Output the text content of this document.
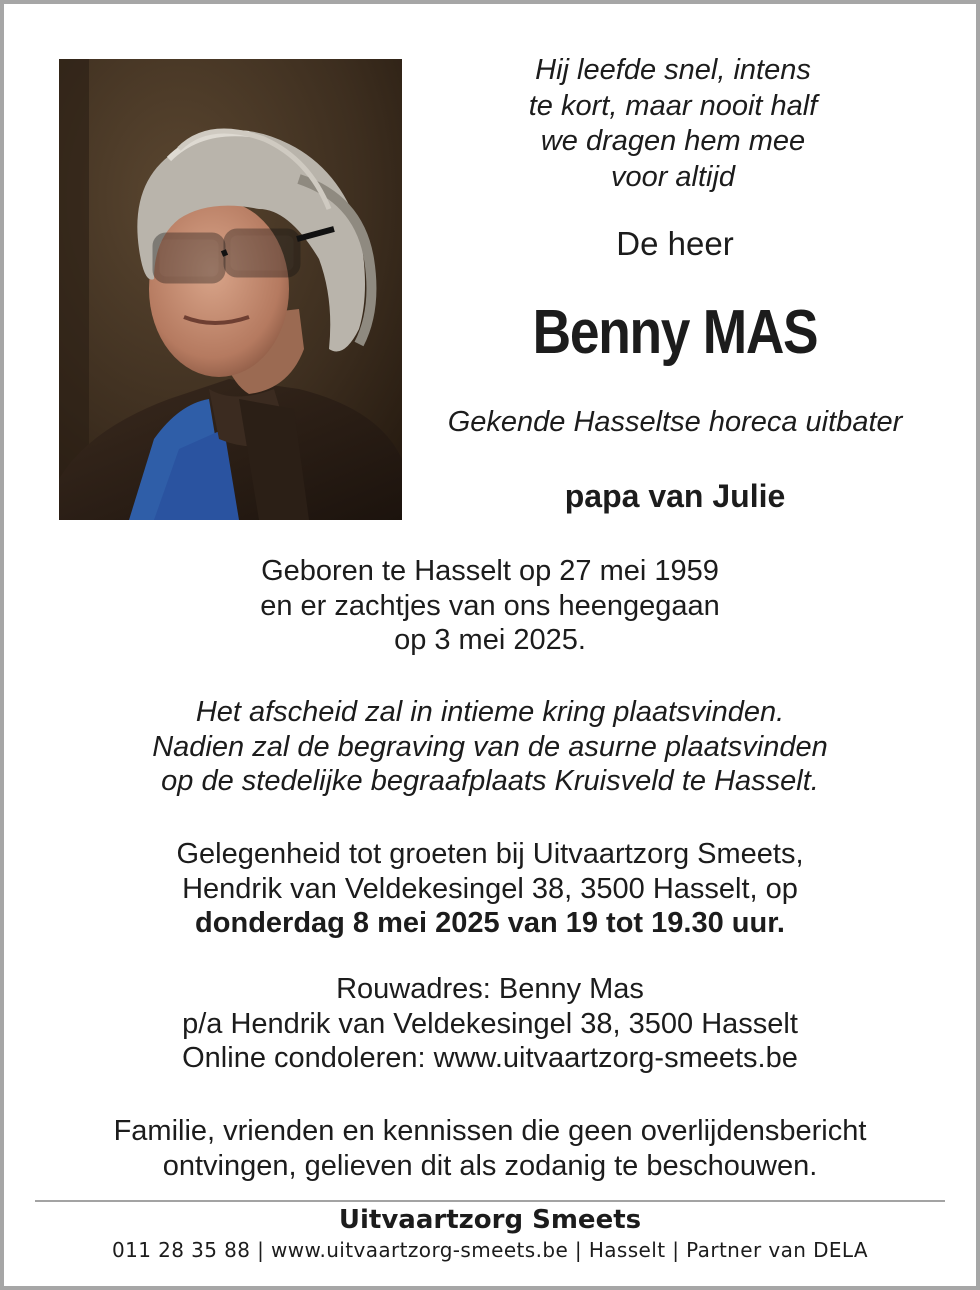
Hij leefde snel, intens
te kort, maar nooit half
we dragen hem mee
voor altijd
De heer
Benny MAS
Gekende Hasseltse horeca uitbater
papa van Julie
Geboren te Hasselt op 27 mei 1959
en er zachtjes van ons heengegaan
op 3 mei 2025.
Het afscheid zal in intieme kring plaatsvinden.
Nadien zal de begraving van de asurne plaatsvinden
op de stedelijke begraafplaats Kruisveld te Hasselt.
Gelegenheid tot groeten bij Uitvaartzorg Smeets,
Hendrik van Veldekesingel 38, 3500 Hasselt, op
donderdag 8 mei 2025 van 19 tot 19.30 uur.
Rouwadres: Benny Mas
p/a Hendrik van Veldekesingel 38, 3500 Hasselt
Online condoleren: www.uitvaartzorg-smeets.be
Familie, vrienden en kennissen die geen overlijdensbericht
ontvingen, gelieven dit als zodanig te beschouwen.
Uitvaartzorg Smeets
011 28 35 88 | www.uitvaartzorg-smeets.be | Hasselt | Partner van DELA
